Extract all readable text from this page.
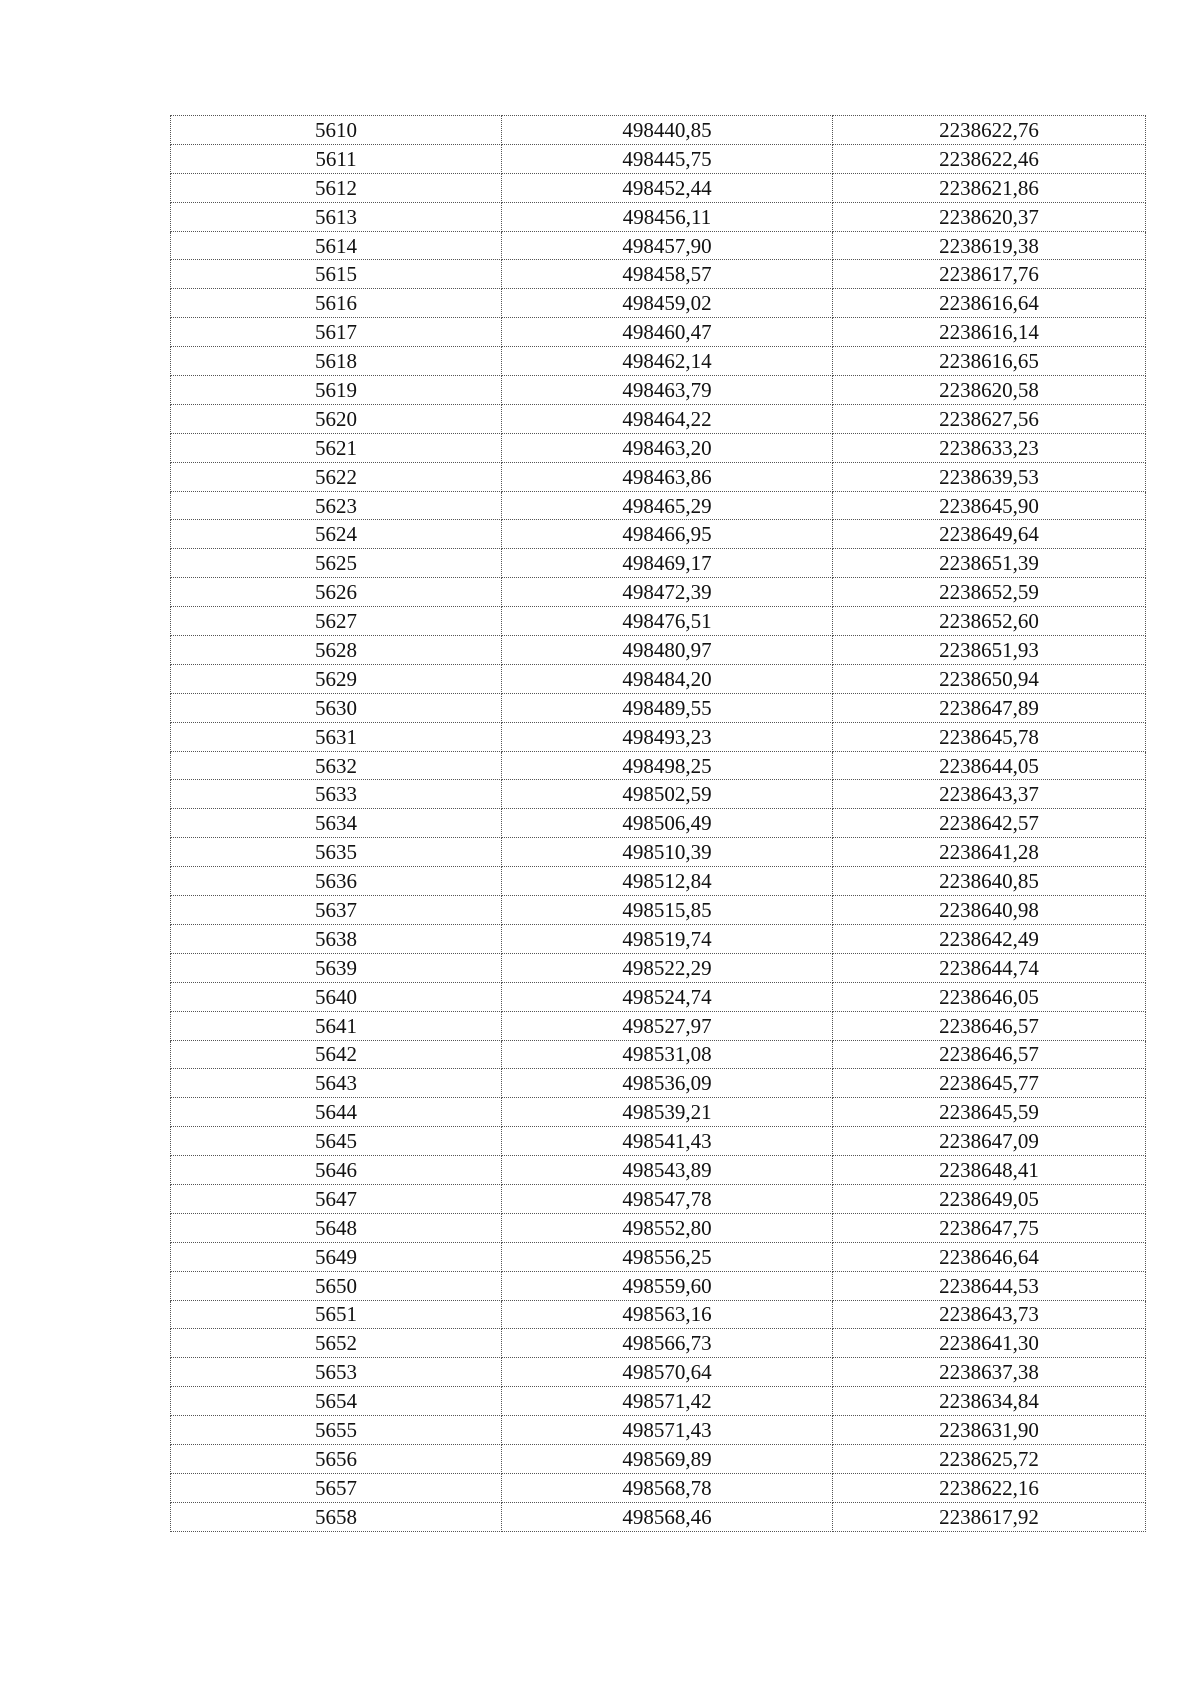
5610	498440,85	2238622,76
5611	498445,75	2238622,46
5612	498452,44	2238621,86
5613	498456,11	2238620,37
5614	498457,90	2238619,38
5615	498458,57	2238617,76
5616	498459,02	2238616,64
5617	498460,47	2238616,14
5618	498462,14	2238616,65
5619	498463,79	2238620,58
5620	498464,22	2238627,56
5621	498463,20	2238633,23
5622	498463,86	2238639,53
5623	498465,29	2238645,90
5624	498466,95	2238649,64
5625	498469,17	2238651,39
5626	498472,39	2238652,59
5627	498476,51	2238652,60
5628	498480,97	2238651,93
5629	498484,20	2238650,94
5630	498489,55	2238647,89
5631	498493,23	2238645,78
5632	498498,25	2238644,05
5633	498502,59	2238643,37
5634	498506,49	2238642,57
5635	498510,39	2238641,28
5636	498512,84	2238640,85
5637	498515,85	2238640,98
5638	498519,74	2238642,49
5639	498522,29	2238644,74
5640	498524,74	2238646,05
5641	498527,97	2238646,57
5642	498531,08	2238646,57
5643	498536,09	2238645,77
5644	498539,21	2238645,59
5645	498541,43	2238647,09
5646	498543,89	2238648,41
5647	498547,78	2238649,05
5648	498552,80	2238647,75
5649	498556,25	2238646,64
5650	498559,60	2238644,53
5651	498563,16	2238643,73
5652	498566,73	2238641,30
5653	498570,64	2238637,38
5654	498571,42	2238634,84
5655	498571,43	2238631,90
5656	498569,89	2238625,72
5657	498568,78	2238622,16
5658	498568,46	2238617,92
